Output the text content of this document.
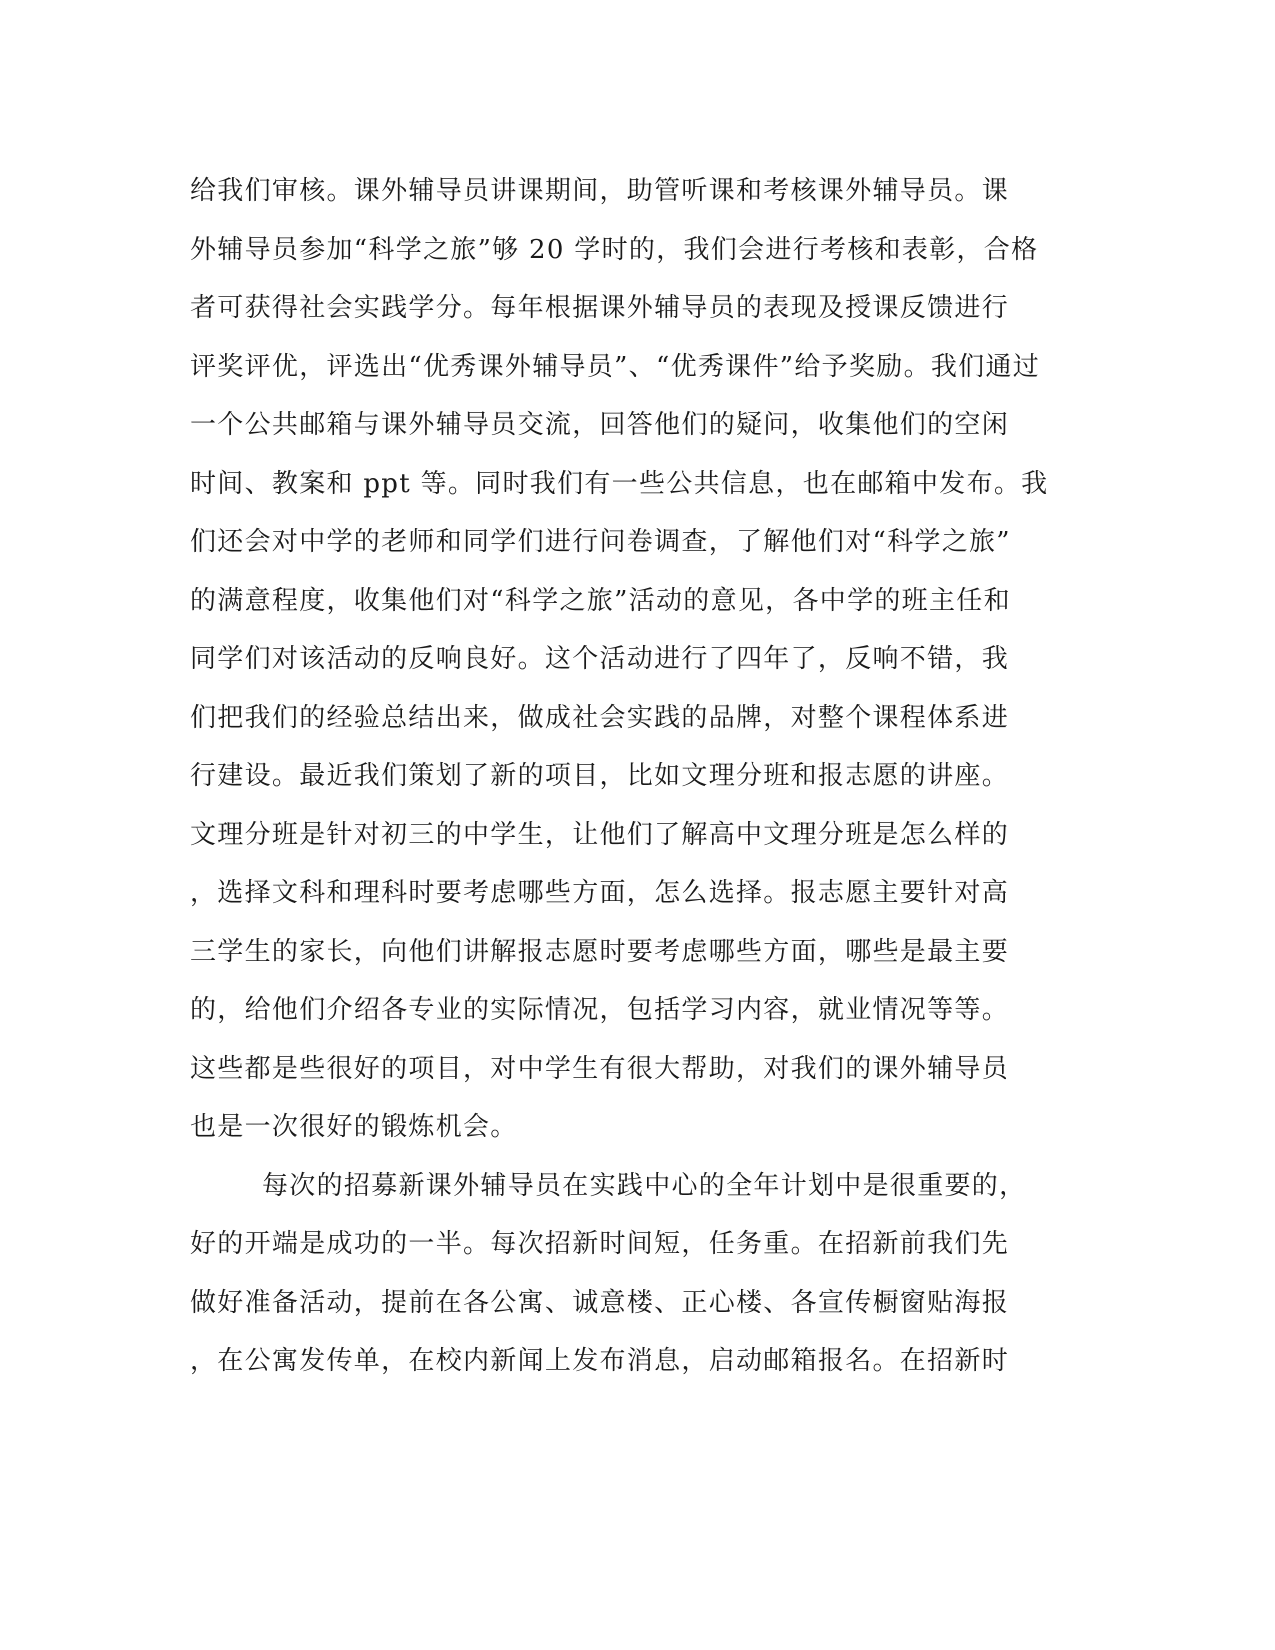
给我们审核。课外辅导员讲课期间，助管听课和考核课外辅导员。课
外辅导员参加“科学之旅”够 20 学时的，我们会进行考核和表彰，合格
者可获得社会实践学分。每年根据课外辅导员的表现及授课反馈进行
评奖评优，评选出“优秀课外辅导员”、“优秀课件”给予奖励。我们通过
一个公共邮箱与课外辅导员交流，回答他们的疑问，收集他们的空闲
时间、教案和 ppt 等。同时我们有一些公共信息，也在邮箱中发布。我
们还会对中学的老师和同学们进行问卷调查，了解他们对“科学之旅”
的满意程度，收集他们对“科学之旅”活动的意见，各中学的班主任和
同学们对该活动的反响良好。这个活动进行了四年了，反响不错，我
们把我们的经验总结出来，做成社会实践的品牌，对整个课程体系进
行建设。最近我们策划了新的项目，比如文理分班和报志愿的讲座。
文理分班是针对初三的中学生，让他们了解高中文理分班是怎么样的
，选择文科和理科时要考虑哪些方面，怎么选择。报志愿主要针对高
三学生的家长，向他们讲解报志愿时要考虑哪些方面，哪些是最主要
的，给他们介绍各专业的实际情况，包括学习内容，就业情况等等。
这些都是些很好的项目，对中学生有很大帮助，对我们的课外辅导员
也是一次很好的锻炼机会。
每次的招募新课外辅导员在实践中心的全年计划中是很重要的，
好的开端是成功的一半。每次招新时间短，任务重。在招新前我们先
做好准备活动，提前在各公寓、诚意楼、正心楼、各宣传橱窗贴海报
，在公寓发传单，在校内新闻上发布消息，启动邮箱报名。在招新时
